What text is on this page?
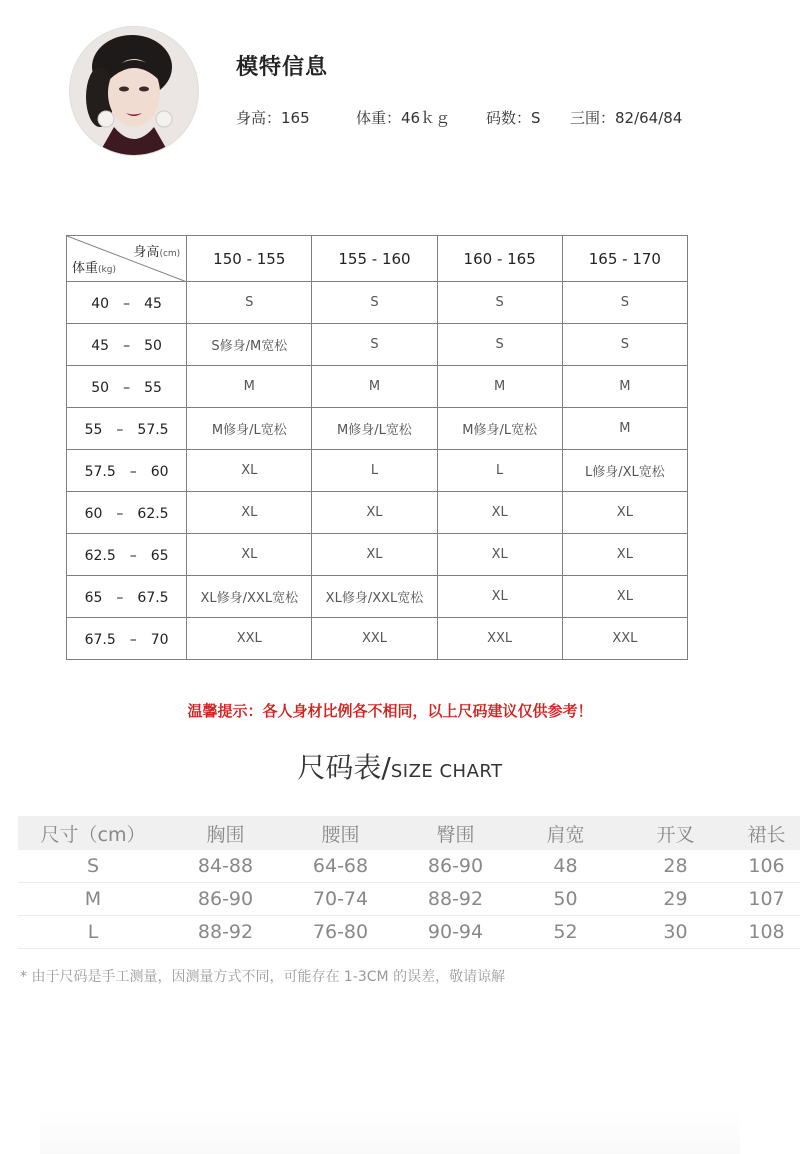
模特信息
身高：165	体重：46ｋｇ 码数：S 三围：82/64/84
身高(cm)
体重(kg)	150 - 155	155 - 160	160 - 165	165 - 170
40　–　45	S	S	S	S
45　–　50	S修身/M宽松	S	S	S
50　–　55	M	M	M	M
55　–　57.5	M修身/L宽松	M修身/L宽松	M修身/L宽松	M
57.5　–　60	XL	L	L	L修身/XL宽松
60　–　62.5	XL	XL	XL	XL
62.5　–　65	XL	XL	XL	XL
65　–　67.5	XL修身/XXL宽松	XL修身/XXL宽松	XL	XL
67.5　–　70	XXL	XXL	XXL	XXL
温馨提示：各人身材比例各不相同，以上尺码建议仅供参考！
尺码表/SIZE CHART
尺寸（cm）	胸围	腰围	臀围	肩宽	开叉	裙长
S	84-88	64-68	86-90	48	28	106
M	86-90	70-74	88-92	50	29	107
L	88-92	76-80	90-94	52	30	108
* 由于尺码是手工测量，因测量方式不同，可能存在 1-3CM 的误差，敬请谅解
